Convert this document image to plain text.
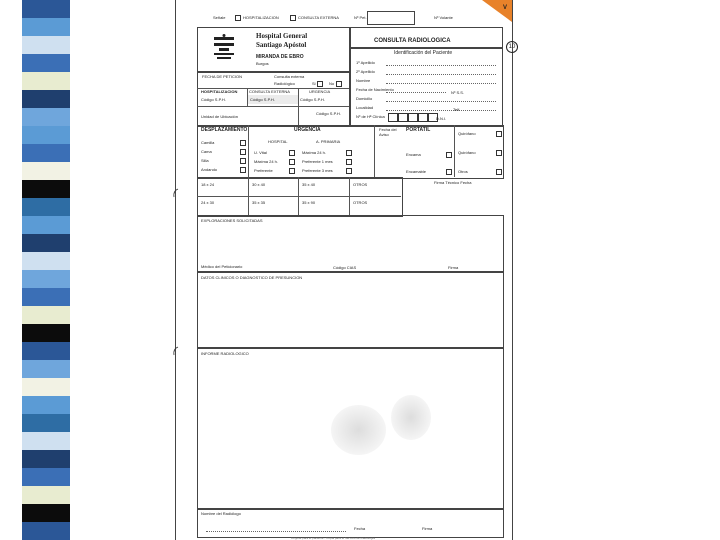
Señale	HOSPITALIZACION	CONSULTA EXTERNA	Nº Pet.	Nº Volante
V
Hospital General
Santiago Apóstol
MIRANDA DE EBRO
Burgos
CONSULTA RADIOLOGICA
10
Identificación del Paciente
1º Apellido
2º Apellido
Nombre
Fecha de Nacimiento
Domicilio
Localidad
Nº de Hª Clínica
Nº S.S.
Telf.
D.N.I.
FECHA DE PETICION	Consulta externa
Radiológico	Si	No
HOSPITALIZACION	CONSULTA EXTERNA	URGENCIA
Código S.P.H.	Código S.P.H.	Código S.P.H.
Unidad de Ubicación
Código S.P.H.
DESPLAZAMIENTO
Camilla
Cama
Silla
Andando
URGENCIA
HOSPITAL	A. PRIMARIA
U. Vital
Máxima 24 h.
Preferente
Máxima 24 h.
Preferente 1 mes
Preferente 3 mes
Fecha del Aviso
PORTATIL
Encama
Encamable
Quirófano
Quirófano
Otros
18 x 24	30 x 40	35 x 40	OTROS
24 x 30	35 x 35	35 x 90	OTROS
Firma Técnico Fecha
EXPLORACIONES SOLICITADAS
Médico del Peticionario	Código CIAS	Firma
DATOS CLINICOS O DIAGNOSTICO DE PRESUNCION
INFORME RADIOLOGICO
Nombre del Radiólogo
Fecha	Firma
Original para el paciente - Copia para el Servicio de Radiología
